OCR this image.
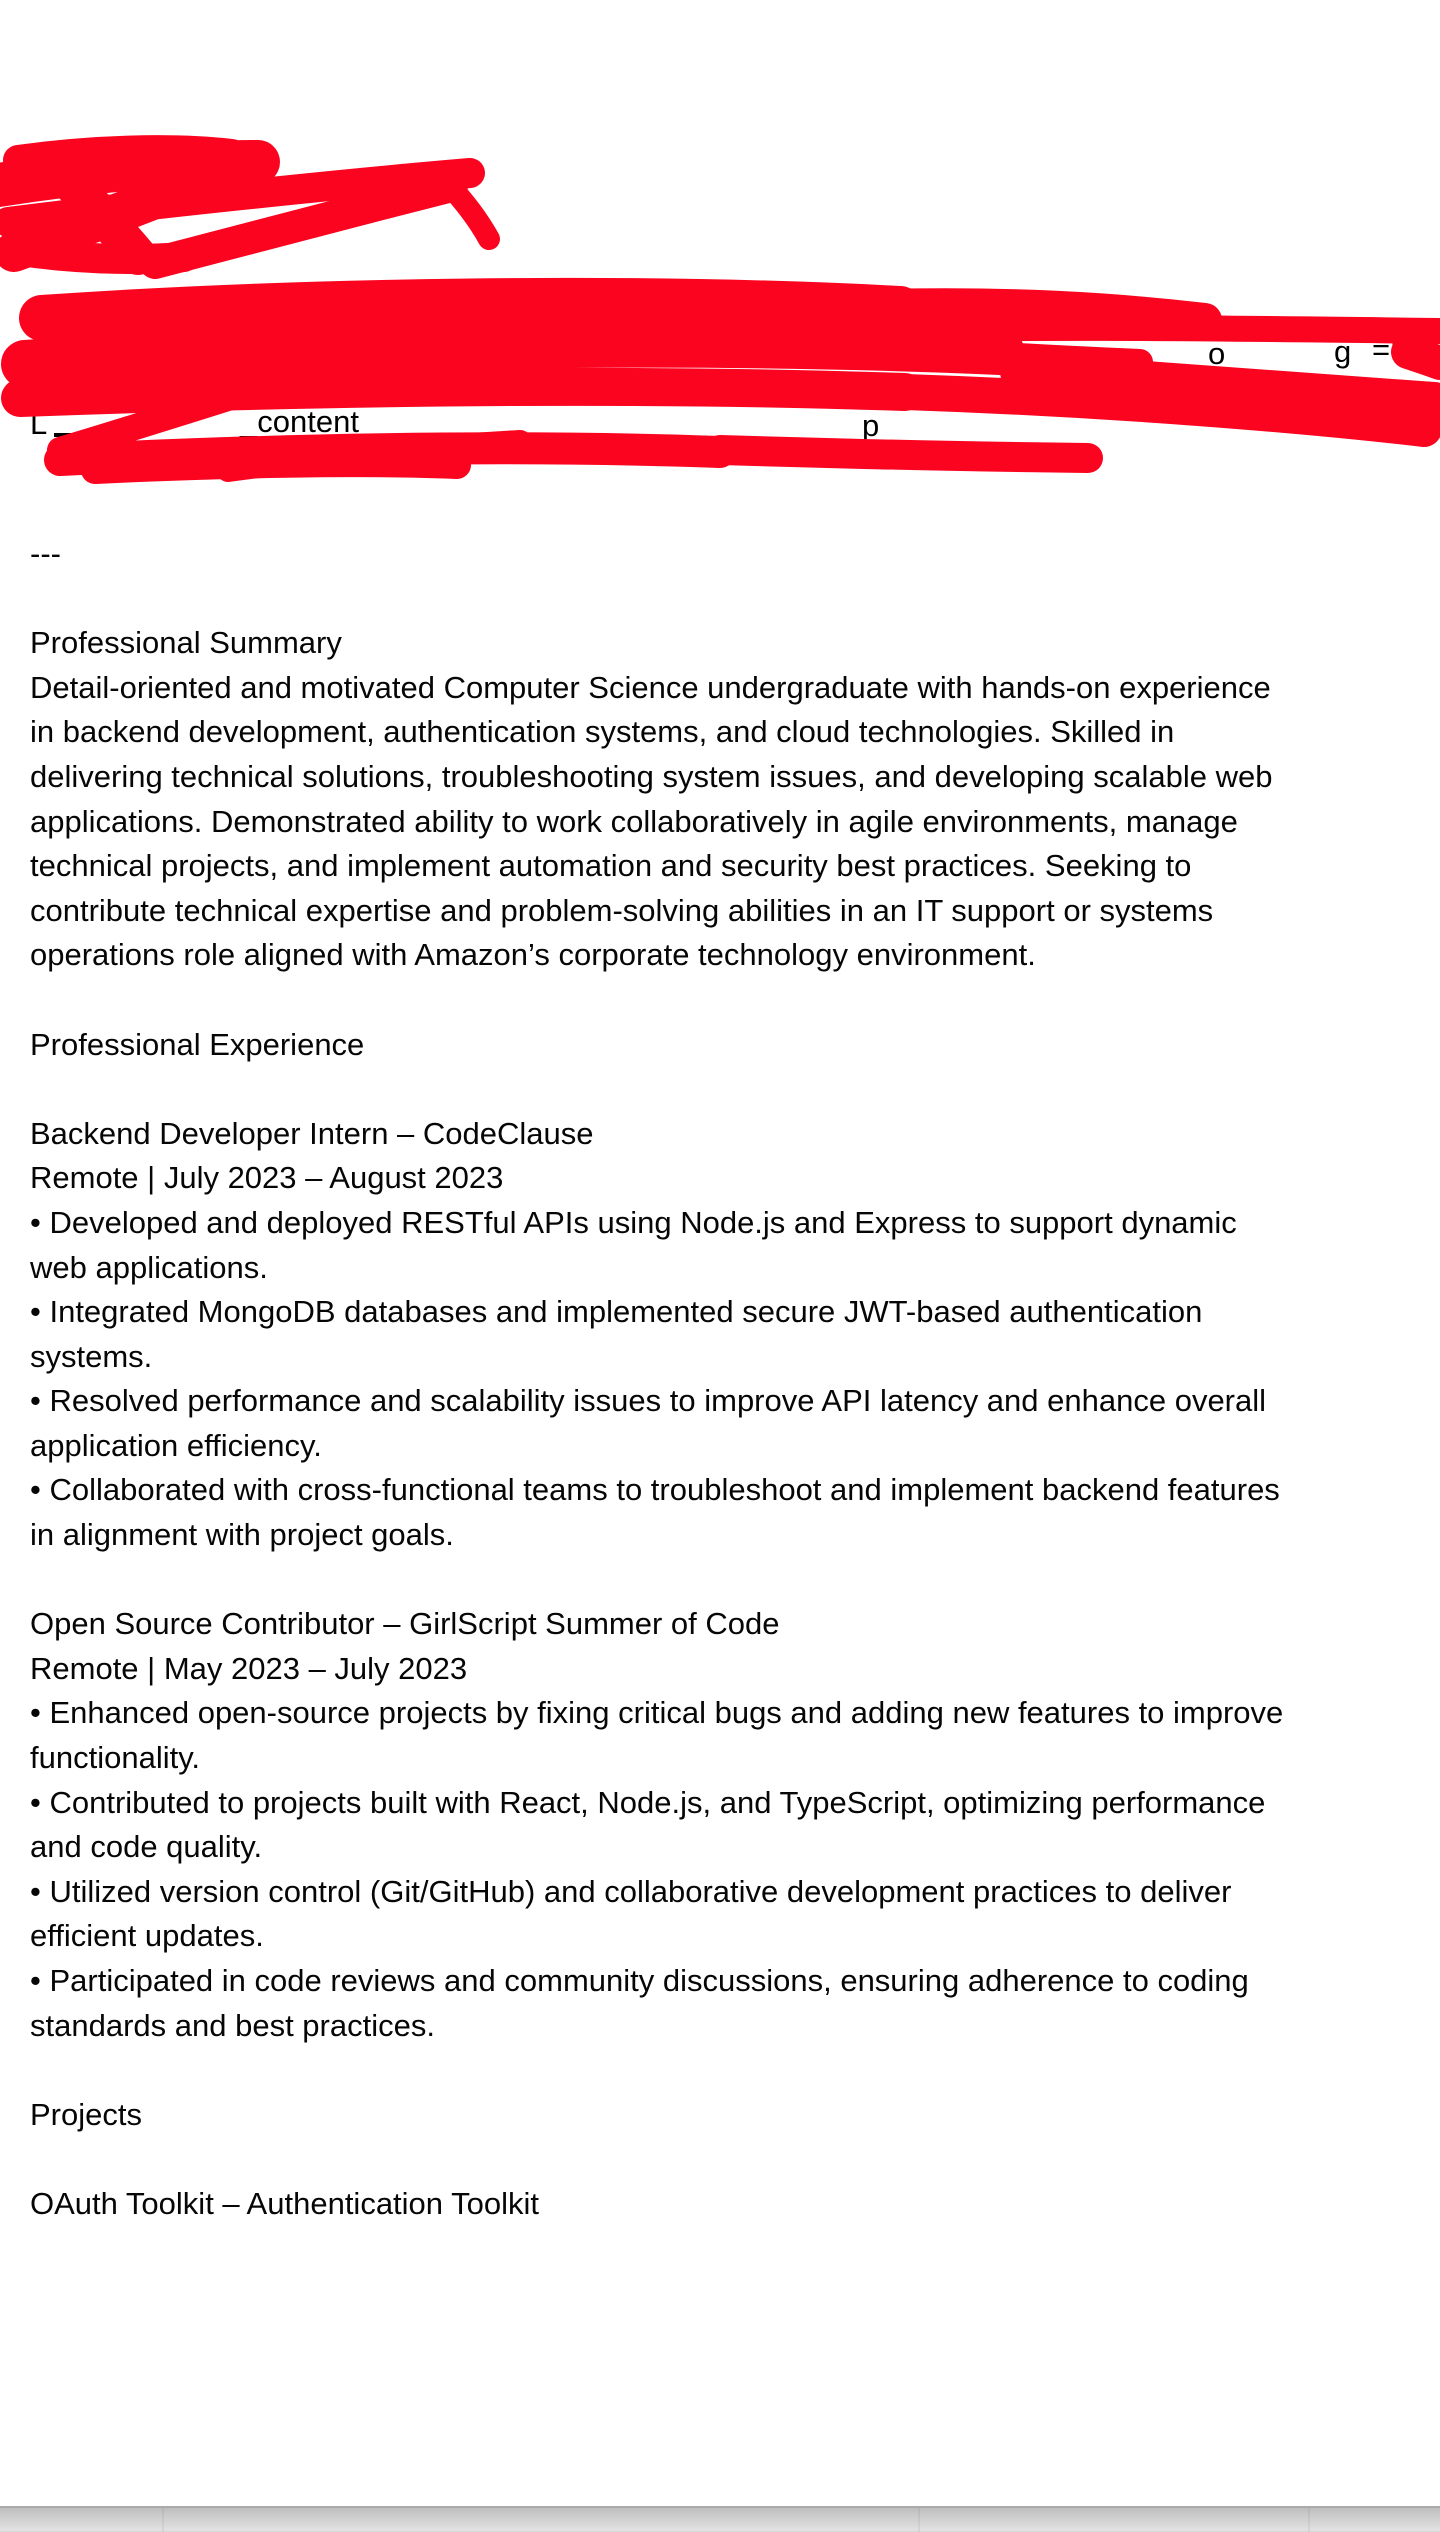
and
il	o	g =S
L	_content	p
---
Professional Summary
Detail-oriented and motivated Computer Science undergraduate with hands-on experience
in backend development, authentication systems, and cloud technologies. Skilled in
delivering technical solutions, troubleshooting system issues, and developing scalable web
applications. Demonstrated ability to work collaboratively in agile environments, manage
technical projects, and implement automation and security best practices. Seeking to
contribute technical expertise and problem-solving abilities in an IT support or systems
operations role aligned with Amazon’s corporate technology environment.
Professional Experience
Backend Developer Intern – CodeClause
Remote | July 2023 – August 2023
• Developed and deployed RESTful APIs using Node.js and Express to support dynamic
web applications.
• Integrated MongoDB databases and implemented secure JWT-based authentication
systems.
• Resolved performance and scalability issues to improve API latency and enhance overall
application efficiency.
• Collaborated with cross-functional teams to troubleshoot and implement backend features
in alignment with project goals.
Open Source Contributor – GirlScript Summer of Code
Remote | May 2023 – July 2023
• Enhanced open-source projects by fixing critical bugs and adding new features to improve
functionality.
• Contributed to projects built with React, Node.js, and TypeScript, optimizing performance
and code quality.
• Utilized version control (Git/GitHub) and collaborative development practices to deliver
efficient updates.
• Participated in code reviews and community discussions, ensuring adherence to coding
standards and best practices.
Projects
OAuth Toolkit – Authentication Toolkit
